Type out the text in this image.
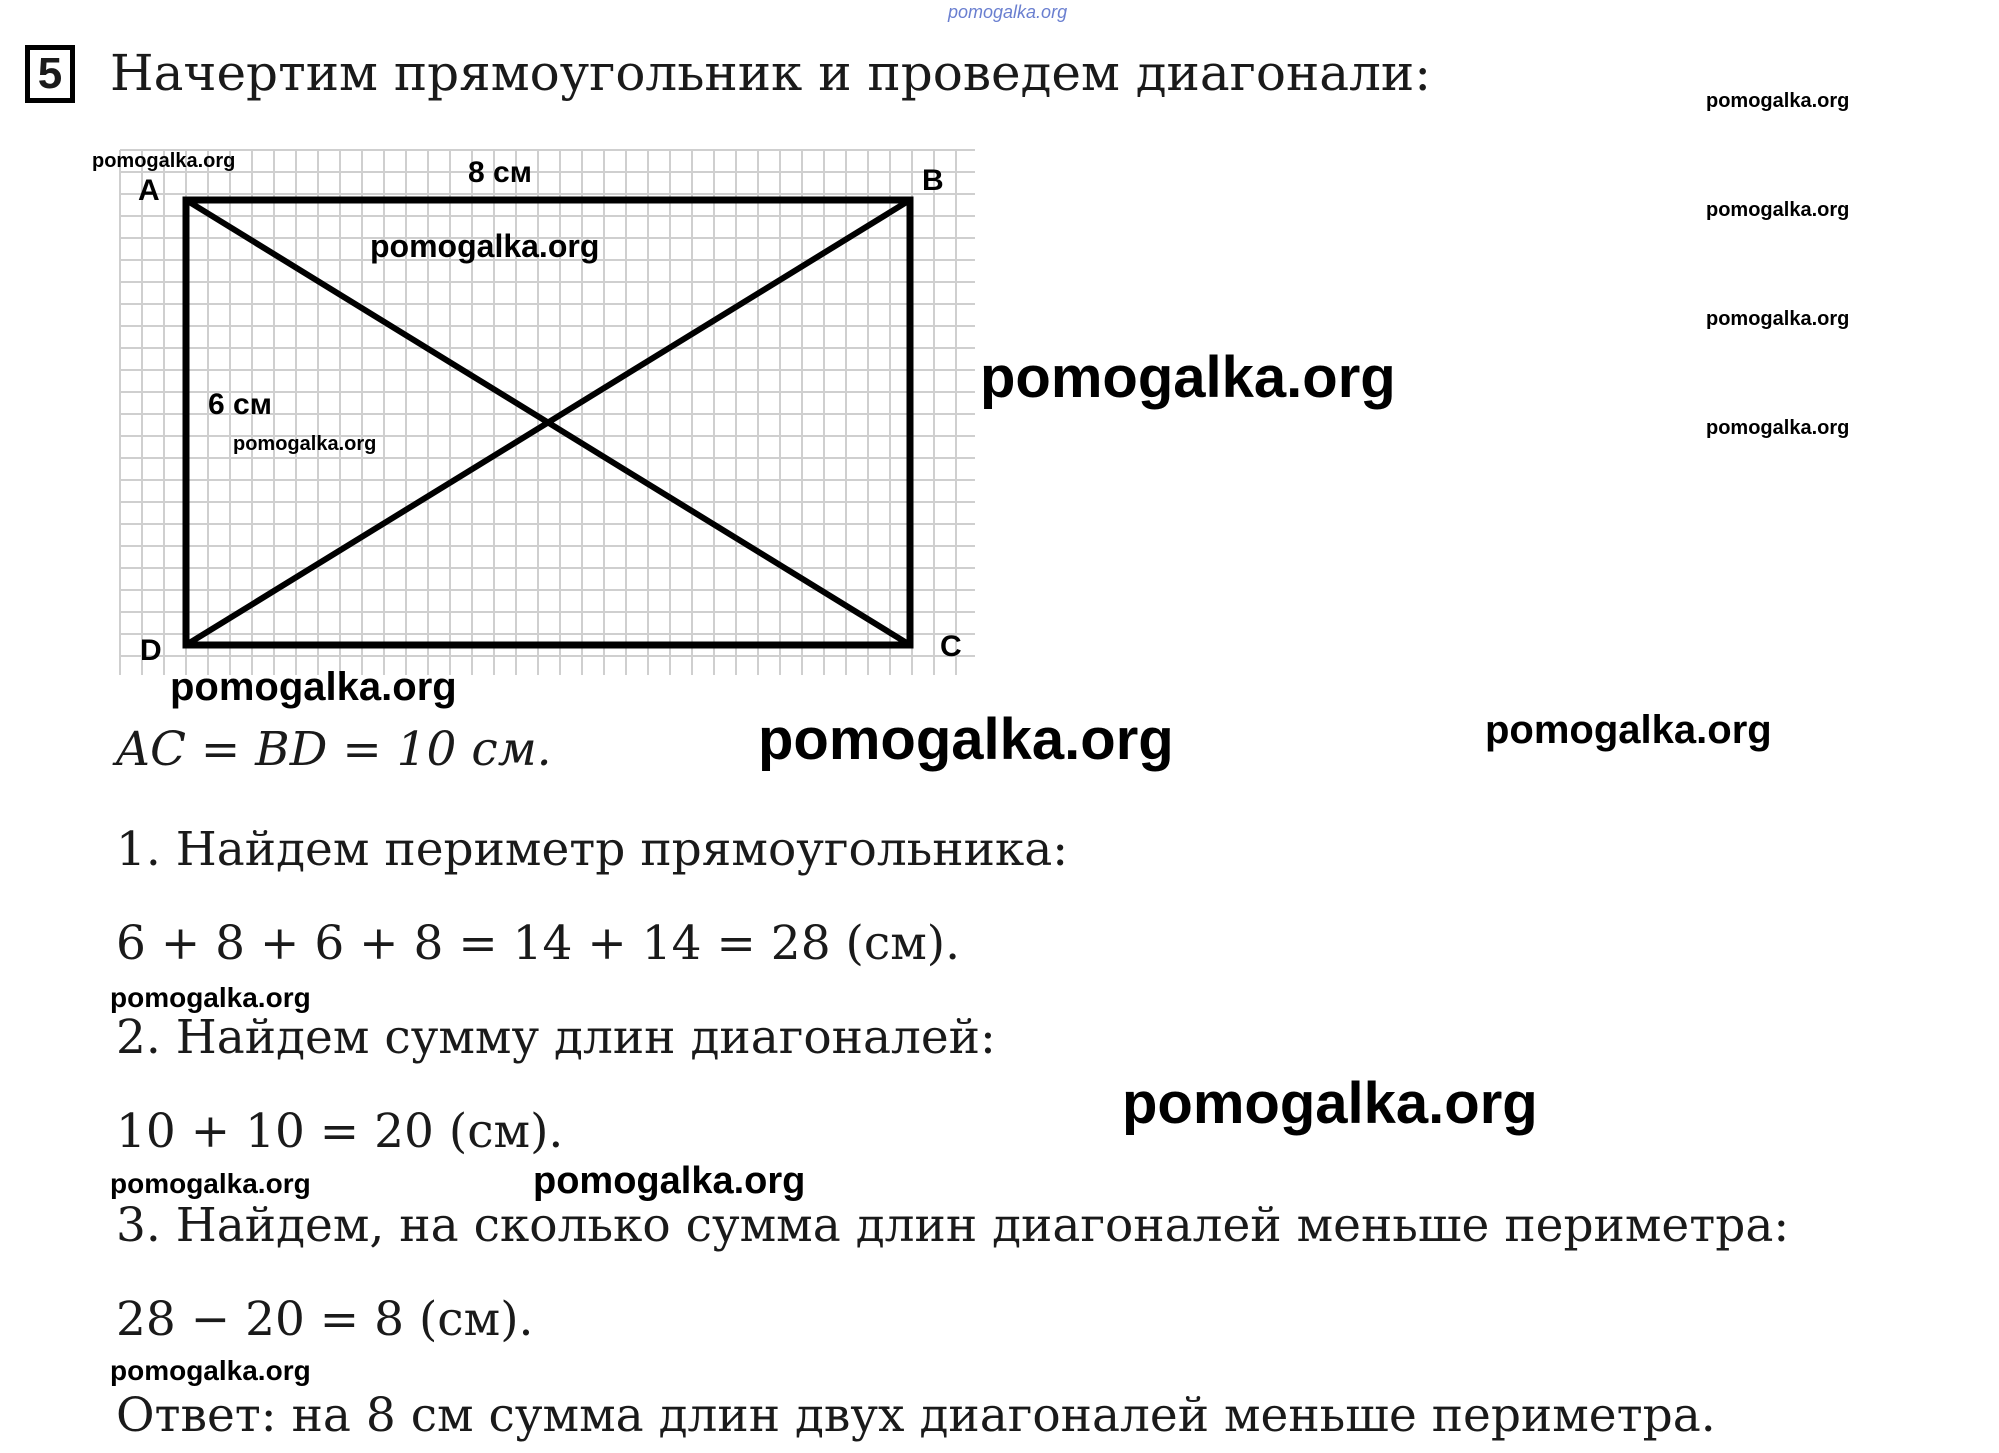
pomogalka.org
5 Начертим прямоугольник и проведем диагонали:
A	B
C
D
8 см
6 см
pomogalka.org
pomogalka.org
pomogalka.org
pomogalka.org
pomogalka.org
pomogalka.org
pomogalka.org
pomogalka.org
pomogalka.org
pomogalka.org	pomogalka.org
pomogalka.org
pomogalka.org
pomogalka.org	pomogalka.org
pomogalka.org
AC = BD = 10 см.
1. Найдем периметр прямоугольника:
6 + 8 + 6 + 8 = 14 + 14 = 28 (см).
2. Найдем сумму длин диагоналей:
10 + 10 = 20 (см).
3. Найдем, на сколько сумма длин диагоналей меньше периметра:
28 − 20 = 8 (см).
Ответ: на 8 см сумма длин двух диагоналей меньше периметра.
